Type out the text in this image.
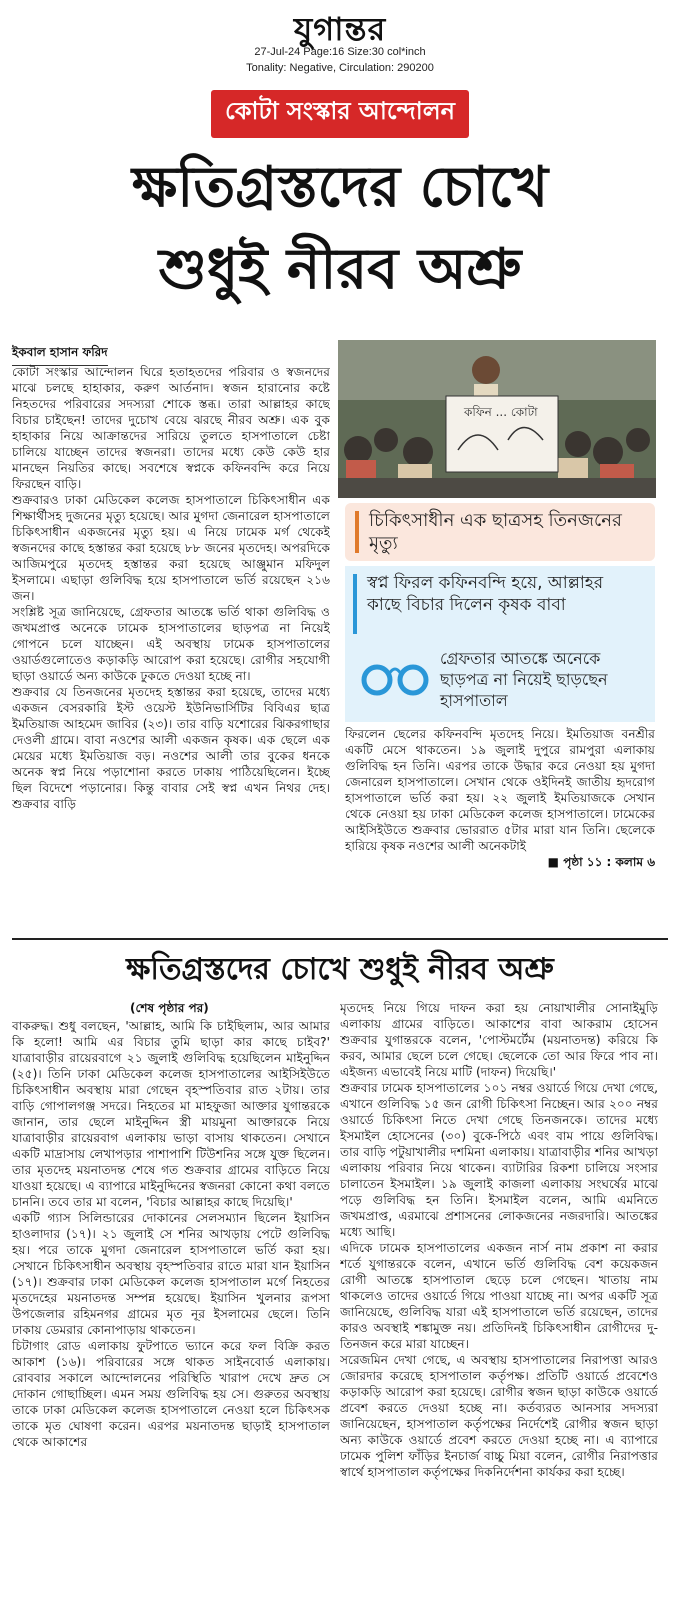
যুগান্তর
27-Jul-24 Page:16 Size:30 col*inch
Tonality: Negative, Circulation: 290200
কোটা সংস্কার আন্দোলন
ক্ষতিগ্রস্তদের চোখে
শুধুই নীরব অশ্রু
ইকবাল হাসান ফরিদ

কোটা সংস্কার আন্দোলন ঘিরে হতাহতদের পরিবার ও স্বজনদের মাঝে চলছে হাহাকার, করুণ আর্তনাদ। স্বজন হারানোর কষ্টে নিহতদের পরিবারের সদস্যরা শোকে স্তব্ধ। তারা আল্লাহর কাছে বিচার চাইছেন! তাদের দুচোখ বেয়ে ঝরছে নীরব অশ্রু। এক বুক হাহাকার নিয়ে আক্রান্তদের সারিয়ে তুলতে হাসপাতালে চেষ্টা চালিয়ে যাচ্ছেন তাদের স্বজনরা। তাদের মধ্যে কেউ কেউ হার মানছেন নিয়তির কাছে। সবশেষে স্বপ্নকে কফিনবন্দি করে নিয়ে ফিরছেন বাড়ি।

শুক্রবারও ঢাকা মেডিকেল কলেজ হাসপাতালে চিকিৎসাধীন এক শিক্ষার্থীসহ দুজনের মৃত্যু হয়েছে। আর মুগদা জেনারেল হাসপাতালে চিকিৎসাধীন একজনের মৃত্যু হয়। এ নিয়ে ঢামেক মর্গ থেকেই স্বজনদের কাছে হস্তান্তর করা হয়েছে ৮৮ জনের মৃতদেহ। অপরদিকে আজিমপুরে মৃতদেহ হস্তান্তর করা হয়েছে আঞ্জুমান মফিদুল ইসলামে। এছাড়া গুলিবিদ্ধ হয়ে হাসপাতালে ভর্তি রয়েছেন ২১৬ জন।

সংশ্লিষ্ট সূত্র জানিয়েছে, গ্রেফতার আতঙ্কে ভর্তি থাকা গুলিবিদ্ধ ও জখমপ্রাপ্ত অনেকে ঢামেক হাসপাতালের ছাড়পত্র না নিয়েই গোপনে চলে যাচ্ছেন। এই অবস্থায় ঢামেক হাসপাতালের ওয়ার্ডগুলোতেও কড়াকড়ি আরোপ করা হয়েছে। রোগীর সহযোগী ছাড়া ওয়ার্ডে অন্য কাউকে ঢুকতে দেওয়া হচ্ছে না।

শুক্রবার যে তিনজনের মৃতদেহ হস্তান্তর করা হয়েছে, তাদের মধ্যে একজন বেসরকারি ইস্ট ওয়েস্ট ইউনিভার্সিটির বিবিএর ছাত্র ইমতিয়াজ আহমেদ জাবির (২৩)। তার বাড়ি যশোরের ঝিকরগাছার দেওলী গ্রামে। বাবা নওশের আলী একজন কৃষক। এক ছেলে এক মেয়ের মধ্যে ইমতিয়াজ বড়। নওশের আলী তার বুকের ধনকে অনেক স্বপ্ন নিয়ে পড়াশোনা করতে ঢাকায় পাঠিয়েছিলেন। ইচ্ছে ছিল বিদেশে পড়ানোর। কিন্তু বাবার সেই স্বপ্ন এখন নিথর দেহ। শুক্রবার বাড়ি

কফিন ... কোটা
চিকিৎসাধীন এক ছাত্রসহ তিনজনের মৃত্যু
স্বপ্ন ফিরল কফিনবন্দি হয়ে, আল্লাহর কাছে বিচার দিলেন কৃষক বাবা
গ্রেফতার আতঙ্কে অনেকে ছাড়পত্র না নিয়েই ছাড়ছেন হাসপাতাল

ফিরলেন ছেলের কফিনবন্দি মৃতদেহ নিয়ে। ইমতিয়াজ বনশ্রীর একটি মেসে থাকতেন। ১৯ জুলাই দুপুরে রামপুরা এলাকায় গুলিবিদ্ধ হন তিনি। এরপর তাকে উদ্ধার করে নেওয়া হয় মুগদা জেনারেল হাসপাতালে। সেখান থেকে ওইদিনই জাতীয় হৃদরোগ হাসপাতালে ভর্তি করা হয়। ২২ জুলাই ইমতিয়াজকে সেখান থেকে নেওয়া হয় ঢাকা মেডিকেল কলেজ হাসপাতালে। ঢামেকের আইসিইউতে শুক্রবার ভোররাত ৫টার মারা যান তিনি। ছেলেকে হারিয়ে কৃষক নওশের আলী অনেকটাই

■ পৃষ্ঠা ১১ : কলাম ৬
ক্ষতিগ্রস্তদের চোখে শুধুই নীরব অশ্রু
(শেষ পৃষ্ঠার পর)

বাকরুদ্ধ। শুধু বলছেন, 'আল্লাহ, আমি কি চাইছিলাম, আর আমার কি হলো! আমি এর বিচার তুমি ছাড়া কার কাছে চাইব?' যাত্রাবাড়ীর রায়েরবাগে ২১ জুলাই গুলিবিদ্ধ হয়েছিলেন মাইনুদ্দিন (২৫)। তিনি ঢাকা মেডিকেল কলেজ হাসপাতালের আইসিইউতে চিকিৎসাধীন অবস্থায় মারা গেছেন বৃহস্পতিবার রাত ২টায়। তার বাড়ি গোপালগঞ্জ সদরে। নিহতের মা মাহফুজা আক্তার যুগান্তরকে জানান, তার ছেলে মাইনুদ্দিন স্ত্রী মায়মুনা আক্তারকে নিয়ে যাত্রাবাড়ীর রায়েরবাগ এলাকায় ভাড়া বাসায় থাকতেন। সেখানে একটি মাদ্রাসায় লেখাপড়ার পাশাপাশি টিউশনির সঙ্গে যুক্ত ছিলেন। তার মৃতদেহ ময়নাতদন্ত শেষে গত শুক্রবার গ্রামের বাড়িতে নিয়ে যাওয়া হয়েছে। এ ব্যাপারে মাইনুদ্দিনের স্বজনরা কোনো কথা বলতে চাননি। তবে তার মা বলেন, 'বিচার আল্লাহর কাছে দিয়েছি।'
একটি গ্যাস সিলিন্ডারের দোকানের সেলসম্যান ছিলেন ইয়াসিন হাওলাদার (১৭)। ২১ জুলাই সে শনির আখড়ায় পেটে গুলিবিদ্ধ হয়। পরে তাকে মুগদা জেনারেল হাসপাতালে ভর্তি করা হয়। সেখানে চিকিৎসাধীন অবস্থায় বৃহস্পতিবার রাতে মারা যান ইয়াসিন (১৭)। শুক্রবার ঢাকা মেডিকেল কলেজ হাসপাতাল মর্গে নিহতের মৃতদেহের ময়নাতদন্ত সম্পন্ন হয়েছে। ইয়াসিন খুলনার রূপসা উপজেলার রহিমনগর গ্রামের মৃত নূর ইসলামের ছেলে। তিনি ঢাকায় ডেমরার কোনাপাড়ায় থাকতেন।
চিটাগাং রোড এলাকায় ফুটপাতে ভ্যানে করে ফল বিক্রি করত আকাশ (১৬)। পরিবারের সঙ্গে থাকত সাইনবোর্ড এলাকায়। রোববার সকালে আন্দোলনের পরিস্থিতি খারাপ দেখে দ্রুত সে দোকান গোছাচ্ছিল। এমন সময় গুলিবিদ্ধ হয় সে। গুরুতর অবস্থায় তাকে ঢাকা মেডিকেল কলেজ হাসপাতালে নেওয়া হলে চিকিৎসক তাকে মৃত ঘোষণা করেন। এরপর ময়নাতদন্ত ছাড়াই হাসপাতাল থেকে আকাশের

মৃতদেহ নিয়ে গিয়ে দাফন করা হয় নোয়াখালীর সোনাইমুড়ি এলাকায় গ্রামের বাড়িতে। আকাশের বাবা আকরাম হোসেন শুক্রবার যুগান্তরকে বলেন, 'পোস্টমর্টেম (ময়নাতদন্ত) করিয়ে কি করব, আমার ছেলে চলে গেছে। ছেলেকে তো আর ফিরে পাব না। এইজন্য এভাবেই নিয়ে মাটি (দাফন) দিয়েছি।'
শুক্রবার ঢামেক হাসপাতালের ১০১ নম্বর ওয়ার্ডে গিয়ে দেখা গেছে, এখানে গুলিবিদ্ধ ১৫ জন রোগী চিকিৎসা নিচ্ছেন। আর ২০০ নম্বর ওয়ার্ডে চিকিৎসা নিতে দেখা গেছে তিনজনকে। তাদের মধ্যে ইসমাইল হোসেনের (৩০) বুকে-পিঠে এবং বাম পায়ে গুলিবিদ্ধ। তার বাড়ি পটুয়াখালীর দশমিনা এলাকায়। যাত্রাবাড়ীর শনির আখড়া এলাকায় পরিবার নিয়ে থাকেন। ব্যাটারির রিকশা চালিয়ে সংসার চালাতেন ইসমাইল। ১৯ জুলাই কাজলা এলাকায় সংঘর্ষের মাঝে পড়ে গুলিবিদ্ধ হন তিনি। ইসমাইল বলেন, আমি এমনিতে জখমপ্রাপ্ত, এরমাঝে প্রশাসনের লোকজনের নজরদারি। আতঙ্কের মধ্যে আছি।
এদিকে ঢামেক হাসপাতালের একজন নার্স নাম প্রকাশ না করার শর্তে যুগান্তরকে বলেন, এখানে ভর্তি গুলিবিদ্ধ বেশ কয়েকজন রোগী আতঙ্কে হাসপাতাল ছেড়ে চলে গেছেন। খাতায় নাম থাকলেও তাদের ওয়ার্ডে গিয়ে পাওয়া যাচ্ছে না। অপর একটি সূত্র জানিয়েছে, গুলিবিদ্ধ যারা এই হাসপাতালে ভর্তি রয়েছেন, তাদের কারও অবস্থাই শঙ্কামুক্ত নয়। প্রতিদিনই চিকিৎসাধীন রোগীদের দু-তিনজন করে মারা যাচ্ছেন।
সরেজমিন দেখা গেছে, এ অবস্থায় হাসপাতালের নিরাপত্তা আরও জোরদার করেছে হাসপাতাল কর্তৃপক্ষ। প্রতিটি ওয়ার্ডে প্রবেশেও কড়াকড়ি আরোপ করা হয়েছে। রোগীর স্বজন ছাড়া কাউকে ওয়ার্ডে প্রবেশ করতে দেওয়া হচ্ছে না। কর্তব্যরত আনসার সদস্যরা জানিয়েছেন, হাসপাতাল কর্তৃপক্ষের নির্দেশেই রোগীর স্বজন ছাড়া অন্য কাউকে ওয়ার্ডে প্রবেশ করতে দেওয়া হচ্ছে না। এ ব্যাপারে ঢামেক পুলিশ ফাঁড়ির ইনচার্জ বাচ্চু মিয়া বলেন, রোগীর নিরাপত্তার স্বার্থে হাসপাতাল কর্তৃপক্ষের দিকনির্দেশনা কার্যকর করা হচ্ছে।
